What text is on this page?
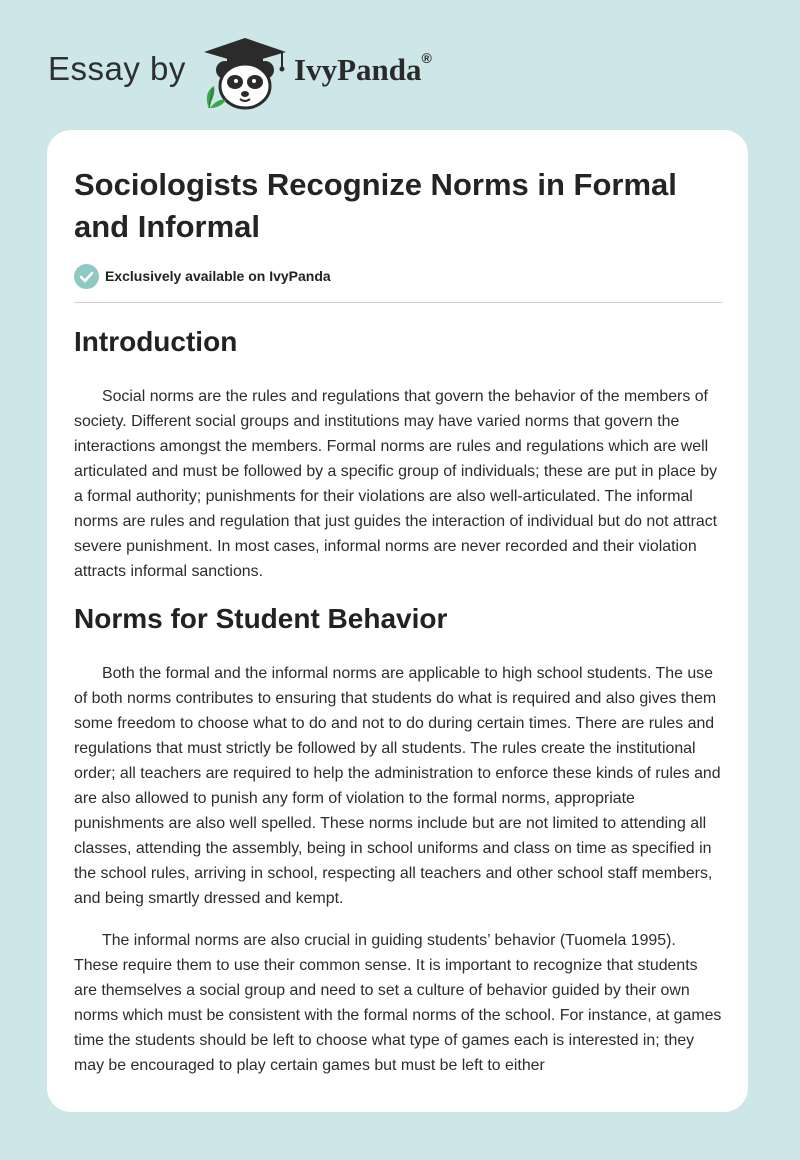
Essay by	IvyPanda®
Sociologists Recognize Norms in Formal and Informal
Exclusively available on IvyPanda
Introduction

Social norms are the rules and regulations that govern the behavior of the members of society. Different social groups and institutions may have varied norms that govern the interactions amongst the members. Formal norms are rules and regulations which are well articulated and must be followed by a specific group of individuals; these are put in place by a formal authority; punishments for their violations are also well-articulated. The informal norms are rules and regulation that just guides the interaction of individual but do not attract severe punishment. In most cases, informal norms are never recorded and their violation attracts informal sanctions.

Norms for Student Behavior

Both the formal and the informal norms are applicable to high school students. The use of both norms contributes to ensuring that students do what is required and also gives them some freedom to choose what to do and not to do during certain times. There are rules and regulations that must strictly be followed by all students. The rules create the institutional order; all teachers are required to help the administration to enforce these kinds of rules and are also allowed to punish any form of violation to the formal norms, appropriate punishments are also well spelled. These norms include but are not limited to attending all classes, attending the assembly, being in school uniforms and class on time as specified in the school rules, arriving in school, respecting all teachers and other school staff members, and being smartly dressed and kempt.

The informal norms are also crucial in guiding students’ behavior (Tuomela 1995). These require them to use their common sense. It is important to recognize that students are themselves a social group and need to set a culture of behavior guided by their own norms which must be consistent with the formal norms of the school. For instance, at games time the students should be left to choose what type of games each is interested in; they may be encouraged to play certain games but must be left to either
